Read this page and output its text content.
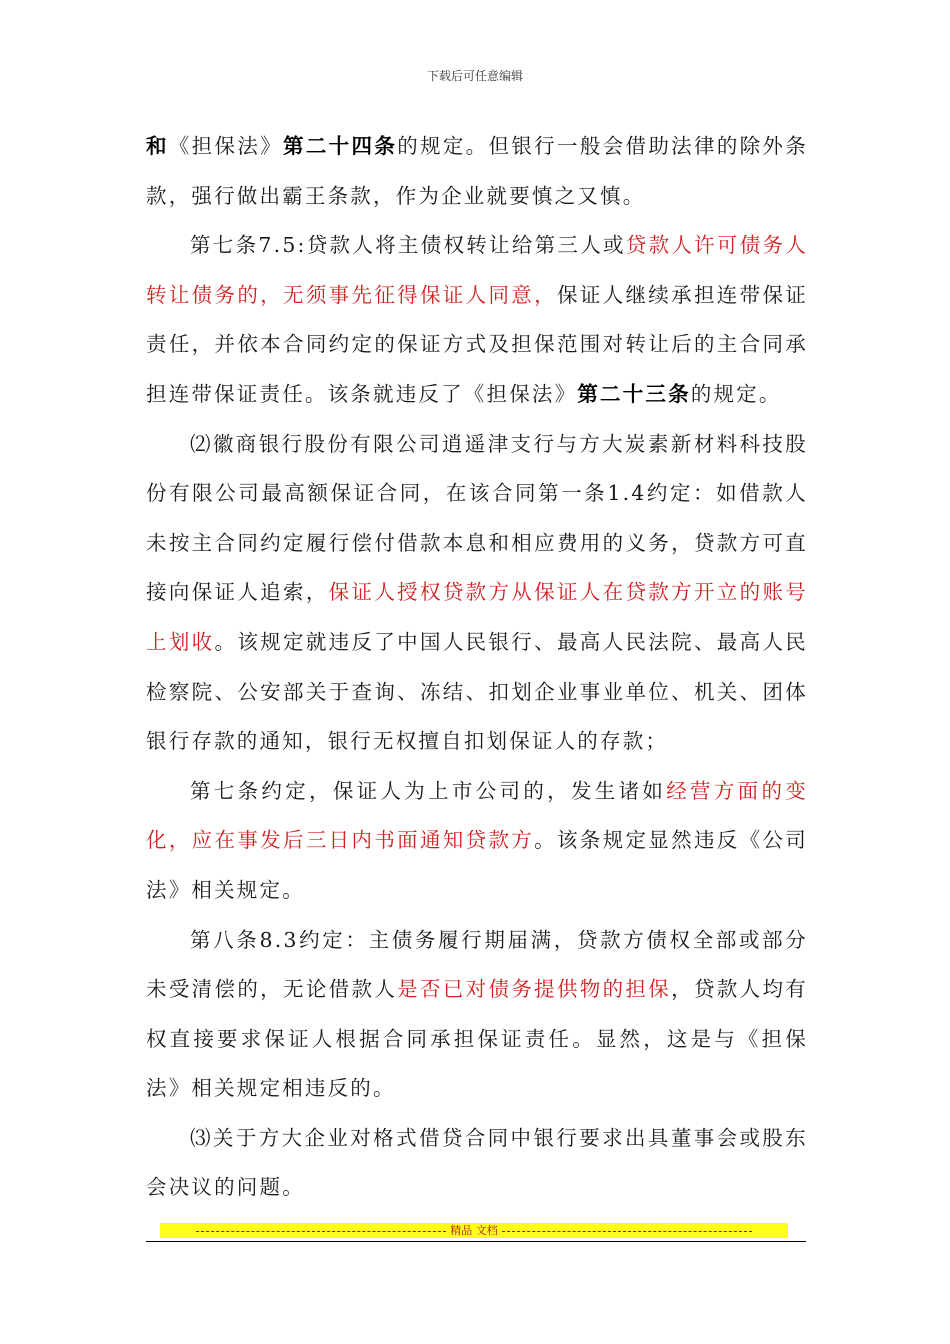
下载后可任意编辑

和《担保法》第二十四条的规定。但银行一般会借助法律的除外条款，强行做出霸王条款，作为企业就要慎之又慎。

第七条7.5:贷款人将主债权转让给第三人或贷款人许可债务人转让债务的，无须事先征得保证人同意，保证人继续承担连带保证责任，并依本合同约定的保证方式及担保范围对转让后的主合同承担连带保证责任。该条就违反了《担保法》第二十三条的规定。

⑵徽商银行股份有限公司逍遥津支行与方大炭素新材料科技股份有限公司最高额保证合同，在该合同第一条1.4约定：如借款人未按主合同约定履行偿付借款本息和相应费用的义务，贷款方可直接向保证人追索，保证人授权贷款方从保证人在贷款方开立的账号上划收。该规定就违反了中国人民银行、最高人民法院、最高人民检察院、公安部关于查询、冻结、扣划企业事业单位、机关、团体银行存款的通知，银行无权擅自扣划保证人的存款；

第七条约定，保证人为上市公司的，发生诸如经营方面的变化，应在事发后三日内书面通知贷款方。该条规定显然违反《公司法》相关规定。

第八条8.3约定：主债务履行期届满，贷款方债权全部或部分未受清偿的，无论借款人是否已对债务提供物的担保，贷款人均有权直接要求保证人根据合同承担保证责任。显然，这是与《担保法》相关规定相违反的。

⑶关于方大企业对格式借贷合同中银行要求出具董事会或股东会决议的问题。

精品 文档
